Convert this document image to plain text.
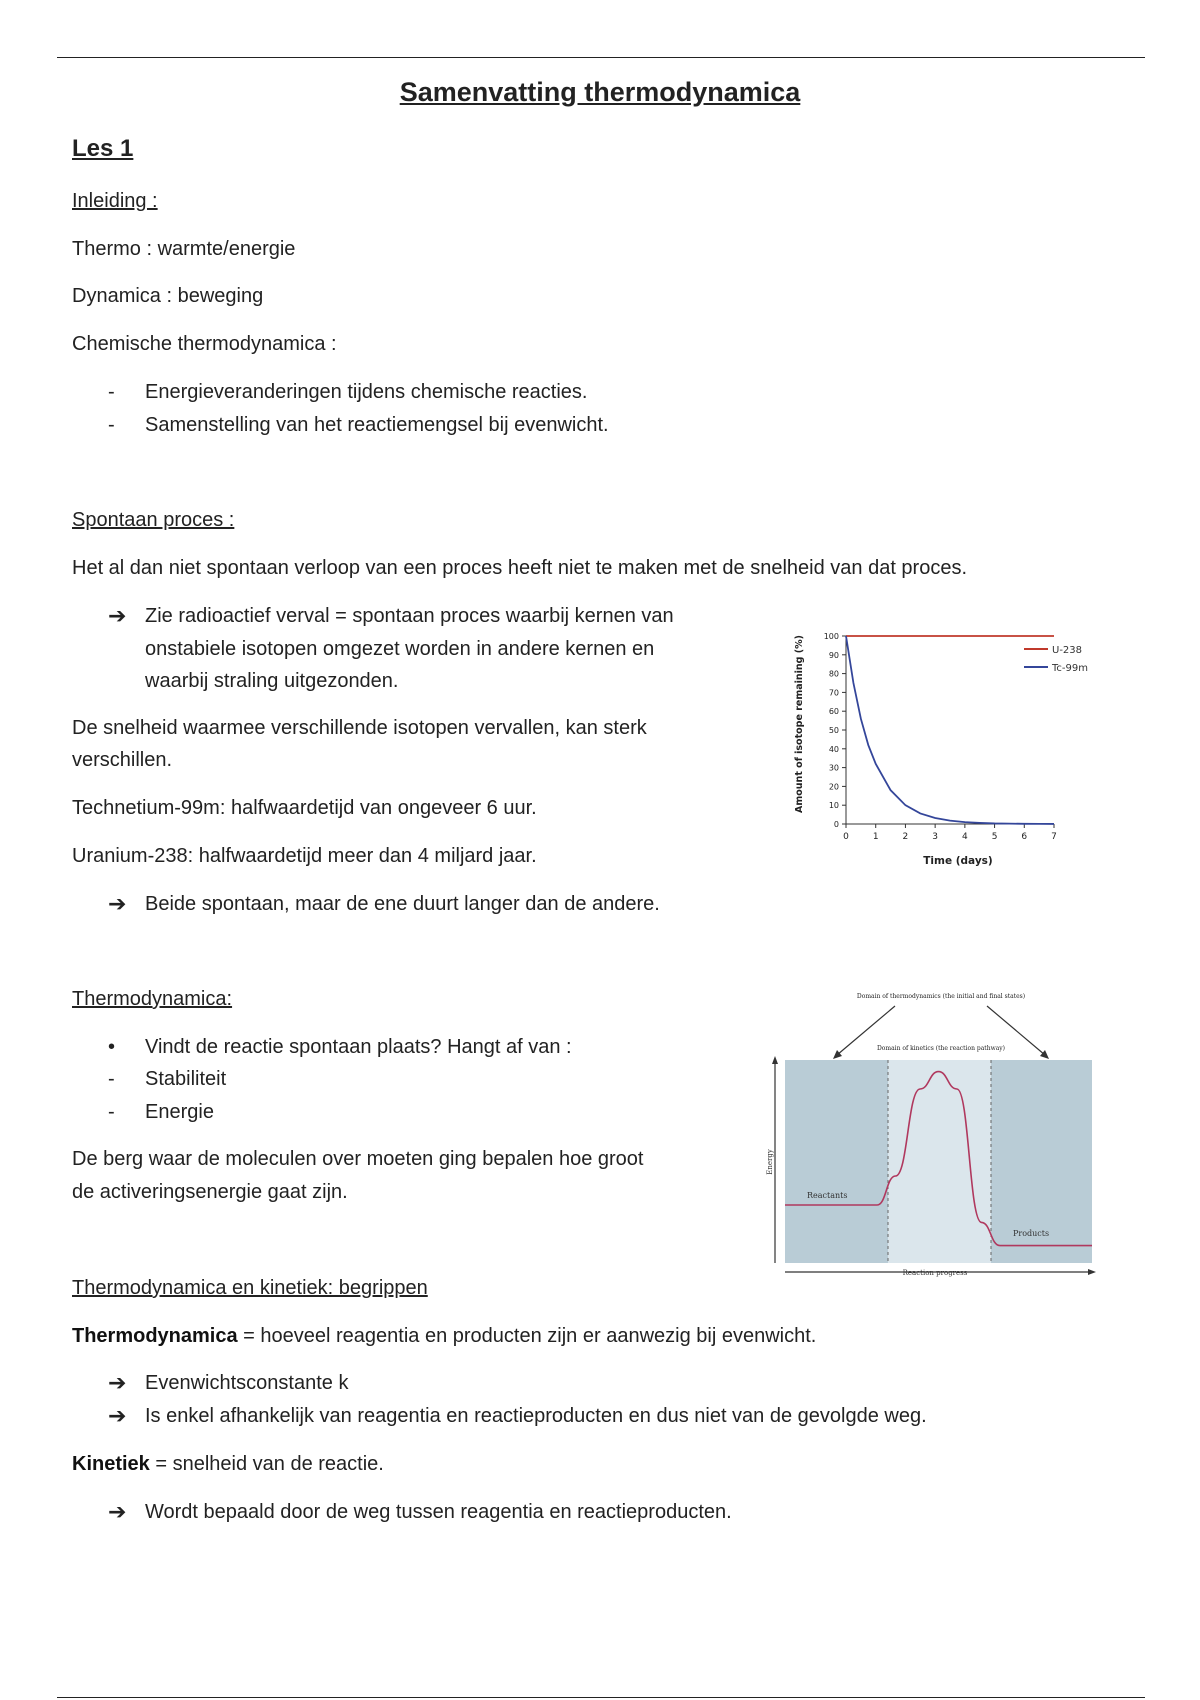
Samenvatting thermodynamica
Les 1
Inleiding :
Thermo : warmte/energie
Dynamica : beweging
Chemische thermodynamica :
- Energieveranderingen tijdens chemische reacties.
- Samenstelling van het reactiemengsel bij evenwicht.
Spontaan proces :
Het al dan niet spontaan verloop van een proces heeft niet te maken met de snelheid van dat proces.
➔ Zie radioactief verval = spontaan proces waarbij kernen van
onstabiele isotopen omgezet worden in andere kernen en
waarbij straling uitgezonden.
De snelheid waarmee verschillende isotopen vervallen, kan sterk
verschillen.
Technetium-99m: halfwaardetijd van ongeveer 6 uur.
Uranium-238: halfwaardetijd meer dan 4 miljard jaar.
➔ Beide spontaan, maar de ene duurt langer dan de andere.
0
10
20
30
40
50
60
70
80
90
100
0	1	2	3	4	5	6	7
U-238
Tc-99m
Time (days)
Amount of isotope remaining (%)
Thermodynamica:
• Vindt de reactie spontaan plaats? Hangt af van :
- Stabiliteit
- Energie
De berg waar de moleculen over moeten ging bepalen hoe groot
de activeringsenergie gaat zijn.
Domain of thermodynamics (the initial and final states)
Domain of kinetics (the reaction pathway)
Reactants
Products
Reaction progress
Energy
Thermodynamica en kinetiek: begrippen
Thermodynamica = hoeveel reagentia en producten zijn er aanwezig bij evenwicht.
➔ Evenwichtsconstante k
➔ Is enkel afhankelijk van reagentia en reactieproducten en dus niet van de gevolgde weg.
Kinetiek = snelheid van de reactie.
➔ Wordt bepaald door de weg tussen reagentia en reactieproducten.
